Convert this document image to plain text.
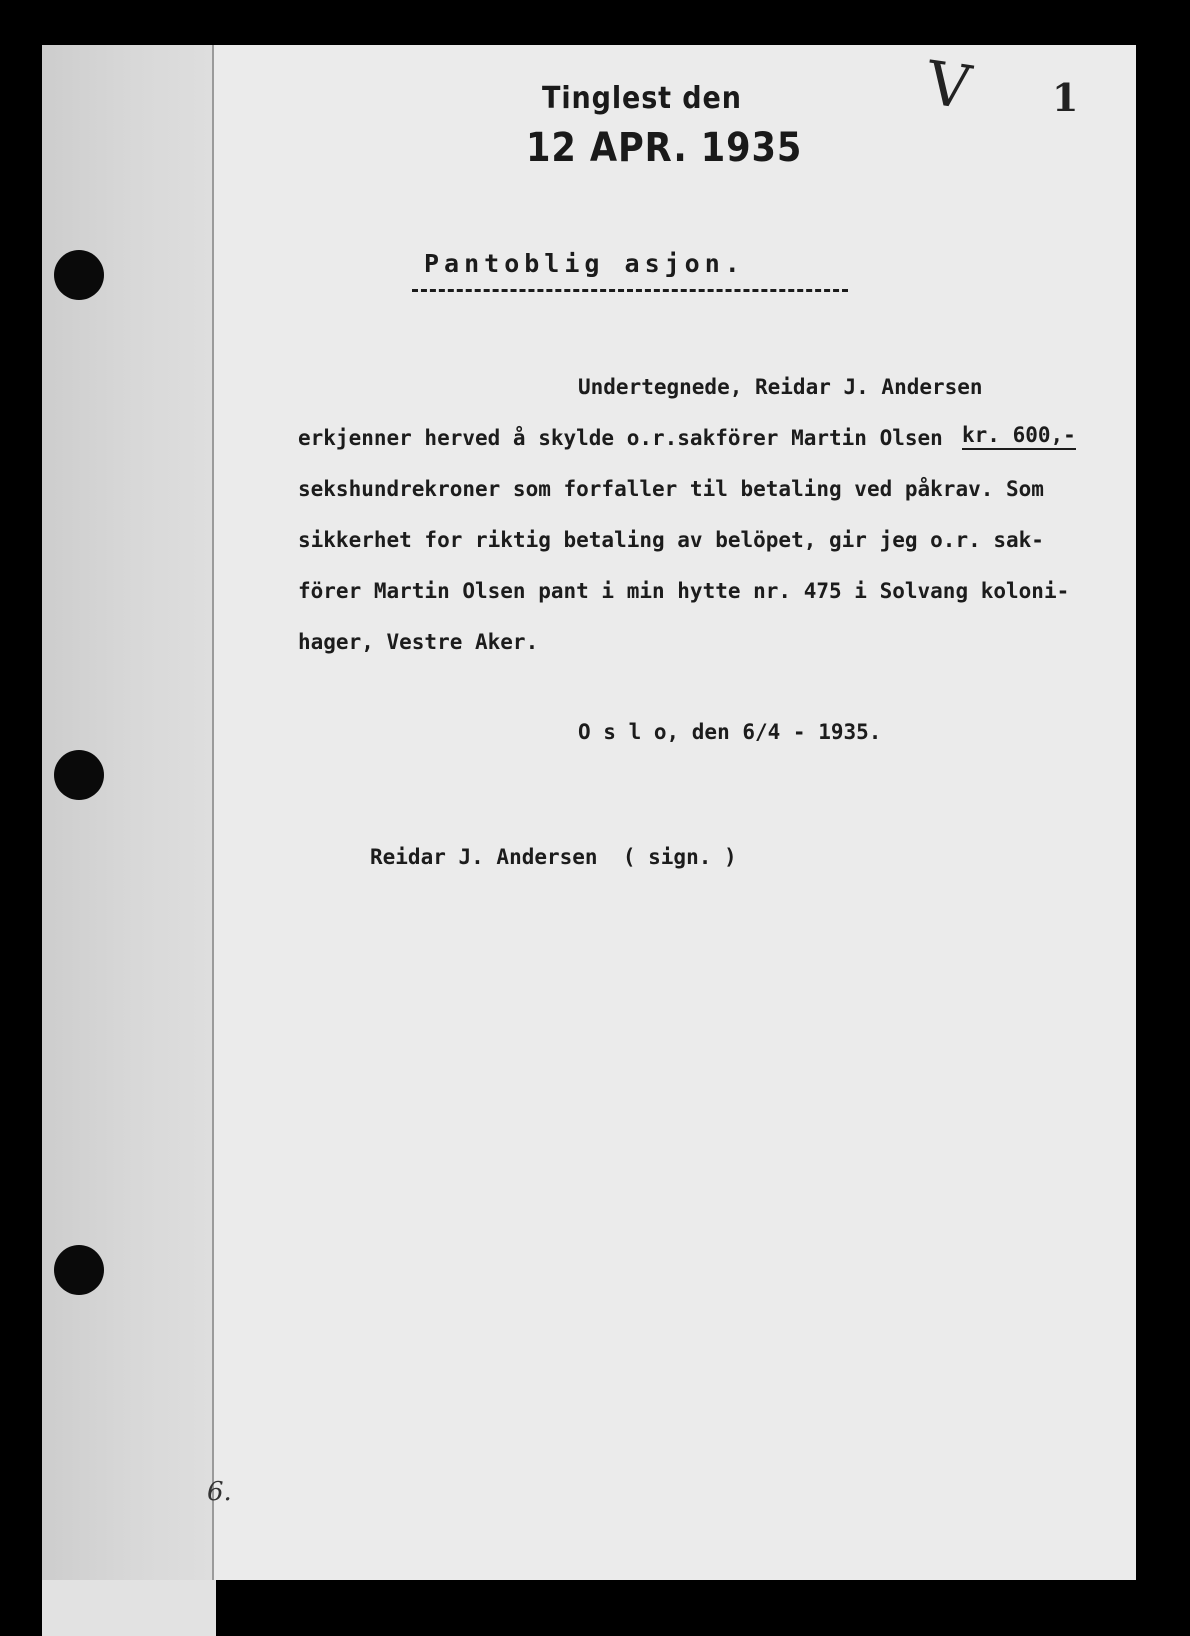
Tinglest den
12 APR. 1935
V 1
Pantoblig asjon.
Undertegnede, Reidar J. Andersen
erkjenner herved å skylde o.r.sakförer Martin Olsen kr. 600,-
sekshundrekroner som forfaller til betaling ved påkrav. Som
sikkerhet for riktig betaling av belöpet, gir jeg o.r. sak-
förer Martin Olsen pant i min hytte nr. 475 i Solvang koloni-
hager, Vestre Aker.
O s l o, den 6/4 - 1935.
Reidar J. Andersen  ( sign. )
6.
